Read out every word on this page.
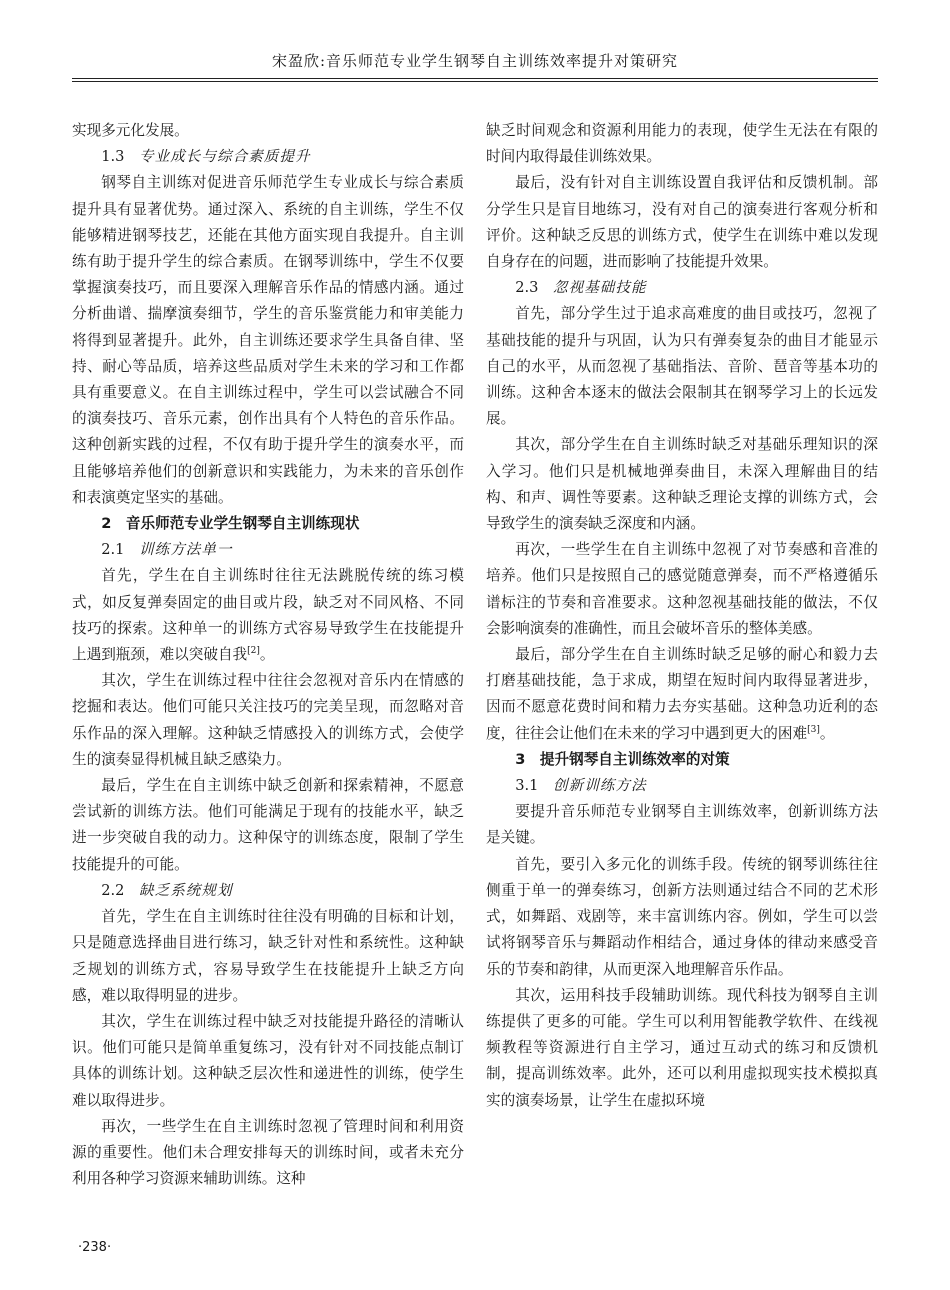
宋盈欣:音乐师范专业学生钢琴自主训练效率提升对策研究

实现多元化发展。

1.3　 专业成长与综合素质提升

钢琴自主训练对促进音乐师范学生专业成长与综合素质提升具有显著优势。通过深入、系统的自主训练，学生不仅能够精进钢琴技艺，还能在其他方面实现自我提升。自主训练有助于提升学生的综合素质。在钢琴训练中，学生不仅要掌握演奏技巧，而且要深入理解音乐作品的情感内涵。通过分析曲谱、揣摩演奏细节，学生的音乐鉴赏能力和审美能力将得到显著提升。此外，自主训练还要求学生具备自律、坚持、耐心等品质，培养这些品质对学生未来的学习和工作都具有重要意义。在自主训练过程中，学生可以尝试融合不同的演奏技巧、音乐元素，创作出具有个人特色的音乐作品。这种创新实践的过程，不仅有助于提升学生的演奏水平，而且能够培养他们的创新意识和实践能力，为未来的音乐创作和表演奠定坚实的基础。

2　音乐师范专业学生钢琴自主训练现状

2.1　 训练方法单一

首先，学生在自主训练时往往无法跳脱传统的练习模式，如反复弹奏固定的曲目或片段，缺乏对不同风格、不同技巧的探索。这种单一的训练方式容易导致学生在技能提升上遇到瓶颈，难以突破自我[2]。

其次，学生在训练过程中往往会忽视对音乐内在情感的挖掘和表达。他们可能只关注技巧的完美呈现，而忽略对音乐作品的深入理解。这种缺乏情感投入的训练方式，会使学生的演奏显得机械且缺乏感染力。

最后，学生在自主训练中缺乏创新和探索精神，不愿意尝试新的训练方法。他们可能满足于现有的技能水平，缺乏进一步突破自我的动力。这种保守的训练态度，限制了学生技能提升的可能。

2.2　 缺乏系统规划

首先，学生在自主训练时往往没有明确的目标和计划，只是随意选择曲目进行练习，缺乏针对性和系统性。这种缺乏规划的训练方式，容易导致学生在技能提升上缺乏方向感，难以取得明显的进步。

其次，学生在训练过程中缺乏对技能提升路径的清晰认识。他们可能只是简单重复练习，没有针对不同技能点制订具体的训练计划。这种缺乏层次性和递进性的训练，使学生难以取得进步。

再次，一些学生在自主训练时忽视了管理时间和利用资源的重要性。他们未合理安排每天的训练时间，或者未充分利用各种学习资源来辅助训练。这种

缺乏时间观念和资源利用能力的表现，使学生无法在有限的时间内取得最佳训练效果。

最后，没有针对自主训练设置自我评估和反馈机制。部分学生只是盲目地练习，没有对自己的演奏进行客观分析和评价。这种缺乏反思的训练方式，使学生在训练中难以发现自身存在的问题，进而影响了技能提升效果。

2.3　 忽视基础技能

首先，部分学生过于追求高难度的曲目或技巧，忽视了基础技能的提升与巩固，认为只有弹奏复杂的曲目才能显示自己的水平，从而忽视了基础指法、音阶、琶音等基本功的训练。这种舍本逐末的做法会限制其在钢琴学习上的长远发展。

其次，部分学生在自主训练时缺乏对基础乐理知识的深入学习。他们只是机械地弹奏曲目，未深入理解曲目的结构、和声、调性等要素。这种缺乏理论支撑的训练方式，会导致学生的演奏缺乏深度和内涵。

再次，一些学生在自主训练中忽视了对节奏感和音准的培养。他们只是按照自己的感觉随意弹奏，而不严格遵循乐谱标注的节奏和音准要求。这种忽视基础技能的做法，不仅会影响演奏的准确性，而且会破坏音乐的整体美感。

最后，部分学生在自主训练时缺乏足够的耐心和毅力去打磨基础技能，急于求成，期望在短时间内取得显著进步，因而不愿意花费时间和精力去夯实基础。这种急功近利的态度，往往会让他们在未来的学习中遇到更大的困难[3]。

3　提升钢琴自主训练效率的对策

3.1　 创新训练方法

要提升音乐师范专业钢琴自主训练效率，创新训练方法是关键。

首先，要引入多元化的训练手段。传统的钢琴训练往往侧重于单一的弹奏练习，创新方法则通过结合不同的艺术形式，如舞蹈、戏剧等，来丰富训练内容。例如，学生可以尝试将钢琴音乐与舞蹈动作相结合，通过身体的律动来感受音乐的节奏和韵律，从而更深入地理解音乐作品。

其次，运用科技手段辅助训练。现代科技为钢琴自主训练提供了更多的可能。学生可以利用智能教学软件、在线视频教程等资源进行自主学习，通过互动式的练习和反馈机制，提高训练效率。此外，还可以利用虚拟现实技术模拟真实的演奏场景，让学生在虚拟环境

·238·
